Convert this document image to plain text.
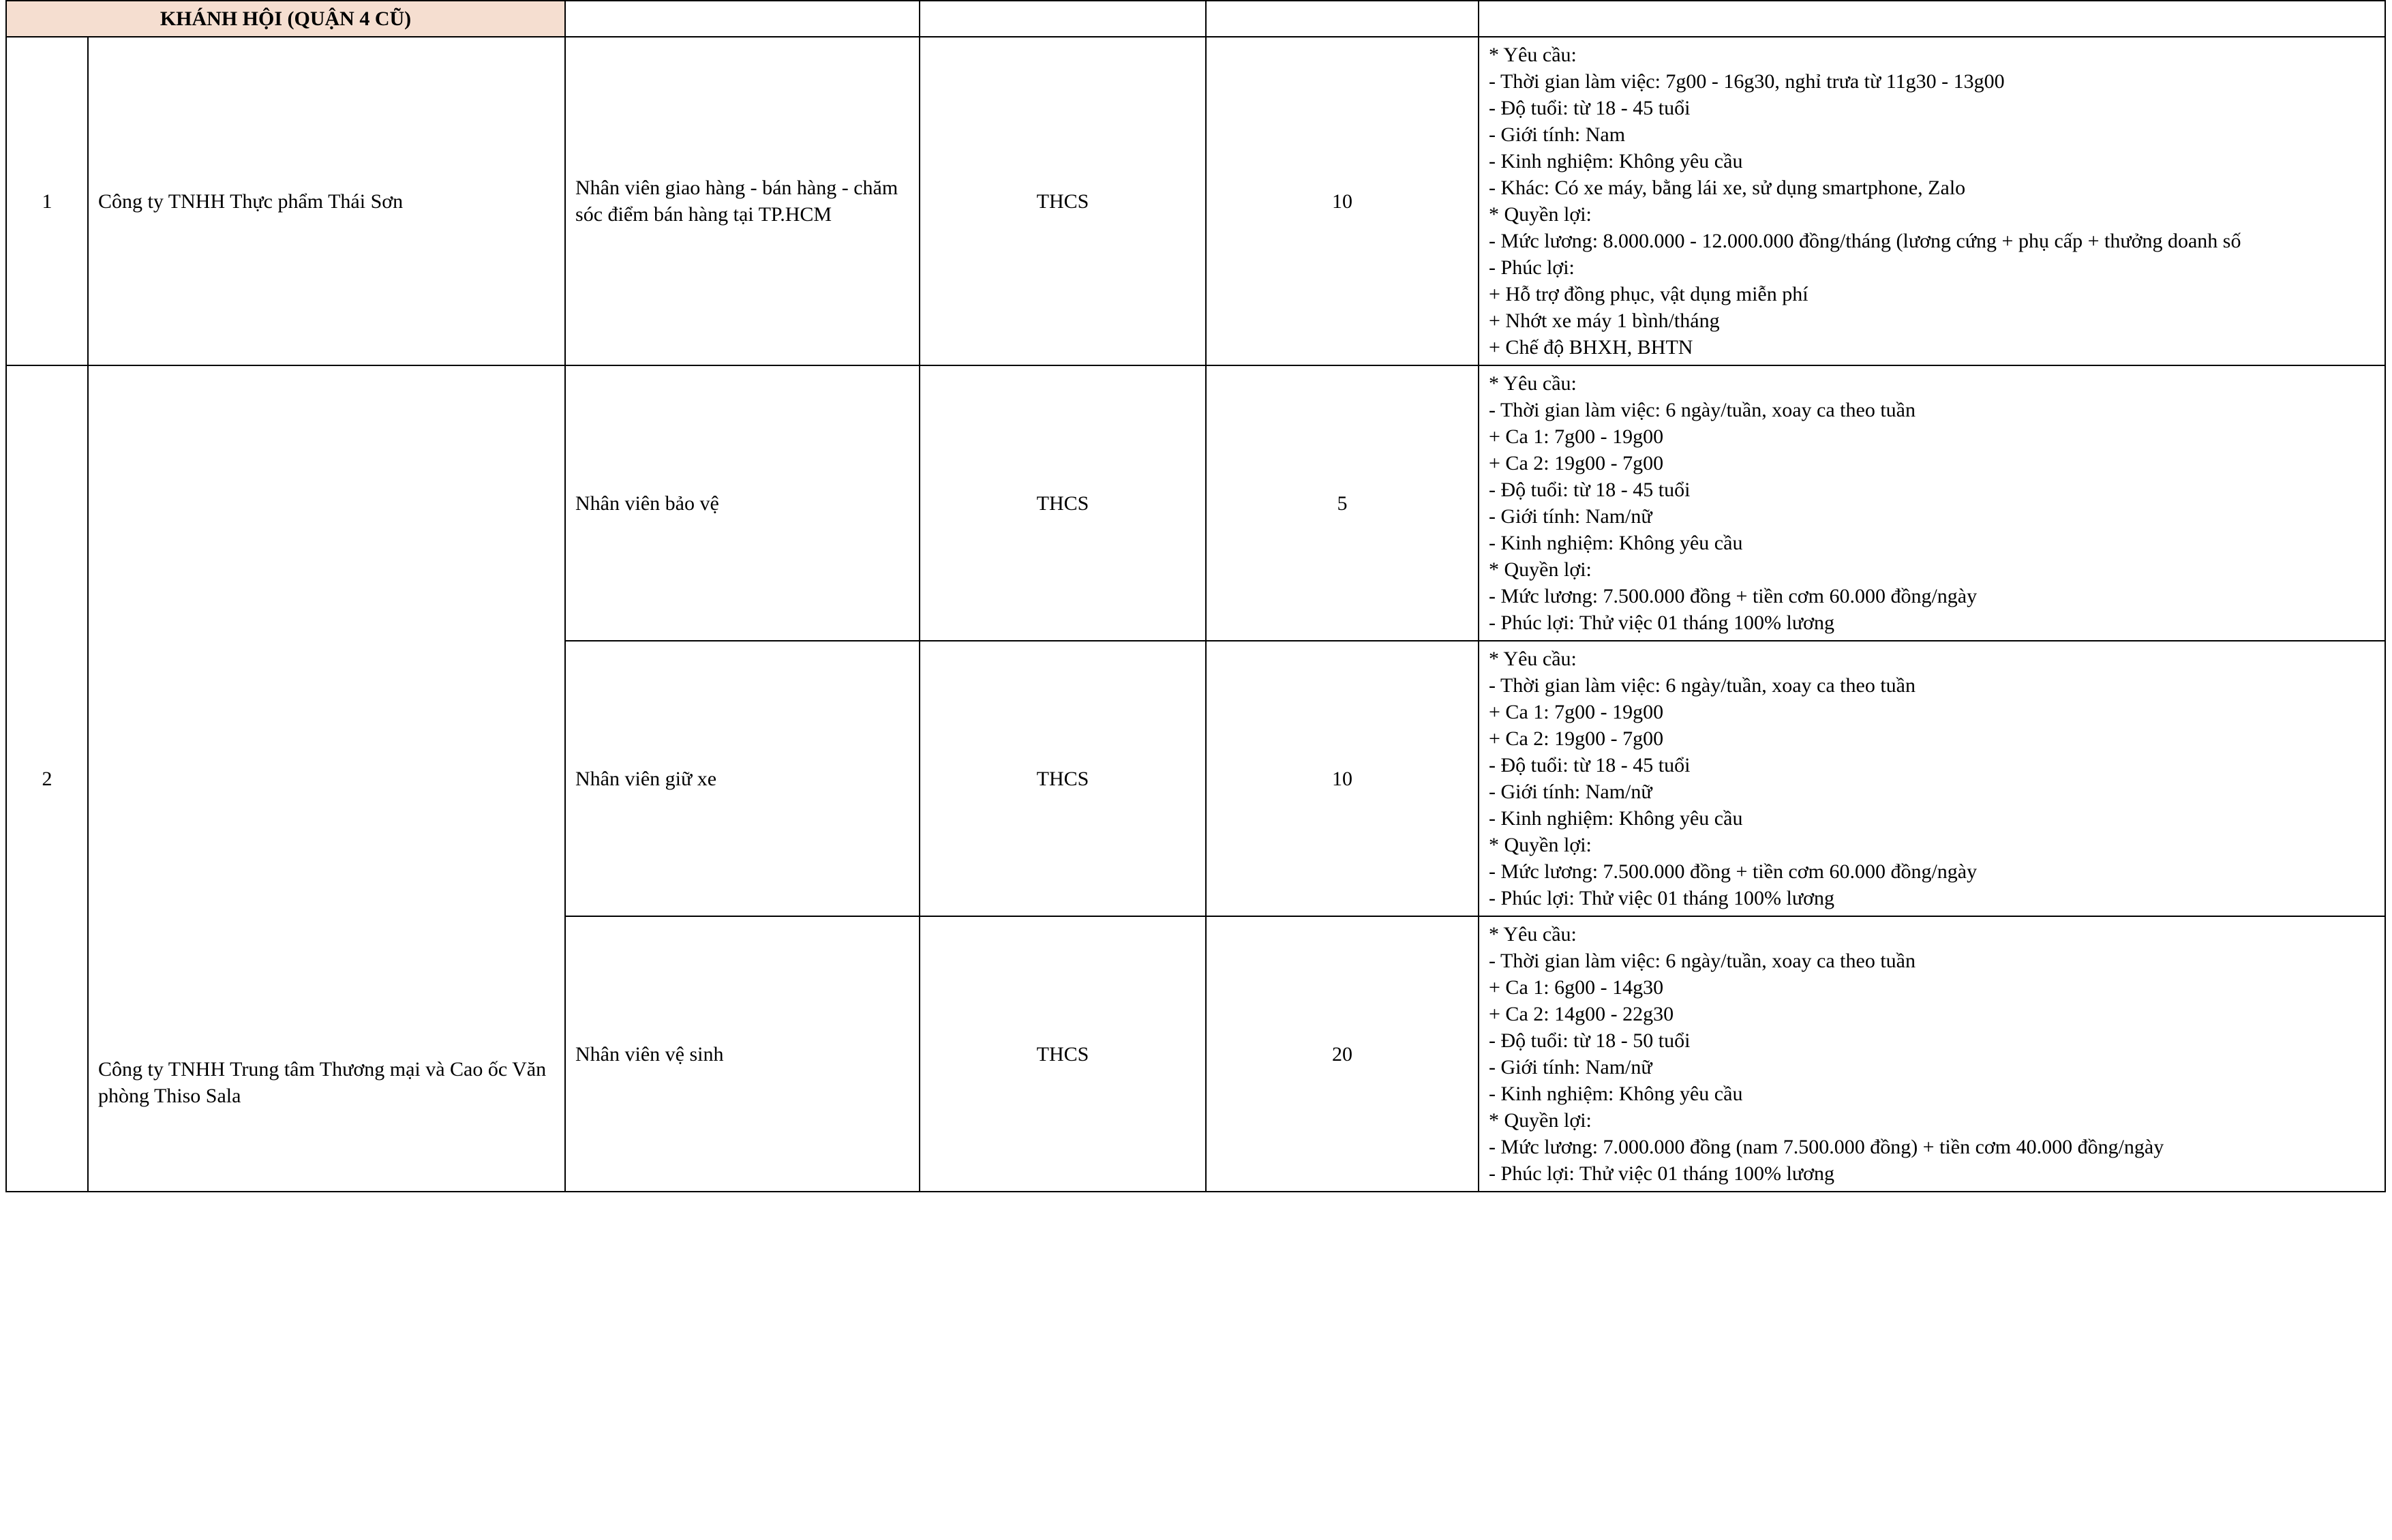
KHÁNH HỘI (QUẬN 4 CŨ)					
1	Công ty TNHH Thực phẩm Thái Sơn	Nhân viên giao hàng - bán hàng - chăm sóc điểm bán hàng tại TP.HCM	THCS	10	
* Yêu cầu:
- Thời gian làm việc: 7g00 - 16g30, nghỉ trưa từ 11g30 - 13g00
- Độ tuổi: từ 18 - 45 tuổi
- Giới tính: Nam
- Kinh nghiệm: Không yêu cầu
- Khác: Có xe máy, bằng lái xe, sử dụng smartphone, Zalo
* Quyền lợi:
- Mức lương: 8.000.000 - 12.000.000 đồng/tháng (lương cứng + phụ cấp + thưởng doanh số
- Phúc lợi:
+ Hỗ trợ đồng phục, vật dụng miễn phí
+ Nhớt xe máy 1 bình/tháng
+ Chế độ BHXH, BHTN

2	Công ty TNHH Trung tâm Thương mại và Cao ốc Văn phòng Thiso Sala	Nhân viên bảo vệ	THCS	5	
* Yêu cầu:
- Thời gian làm việc: 6 ngày/tuần, xoay ca theo tuần
+ Ca 1: 7g00 - 19g00
+ Ca 2: 19g00 - 7g00
- Độ tuổi: từ 18 - 45 tuổi
- Giới tính: Nam/nữ
- Kinh nghiệm: Không yêu cầu
* Quyền lợi:
- Mức lương: 7.500.000 đồng + tiền cơm 60.000 đồng/ngày
- Phúc lợi: Thử việc 01 tháng 100% lương

Nhân viên giữ xe	THCS	10	
* Yêu cầu:
- Thời gian làm việc: 6 ngày/tuần, xoay ca theo tuần
+ Ca 1: 7g00 - 19g00
+ Ca 2: 19g00 - 7g00
- Độ tuổi: từ 18 - 45 tuổi
- Giới tính: Nam/nữ
- Kinh nghiệm: Không yêu cầu
* Quyền lợi:
- Mức lương: 7.500.000 đồng + tiền cơm 60.000 đồng/ngày
- Phúc lợi: Thử việc 01 tháng 100% lương

Nhân viên vệ sinh	THCS	20	
* Yêu cầu:
- Thời gian làm việc: 6 ngày/tuần, xoay ca theo tuần
+ Ca 1: 6g00 - 14g30
+ Ca 2: 14g00 - 22g30
- Độ tuổi: từ 18 - 50 tuổi
- Giới tính: Nam/nữ
- Kinh nghiệm: Không yêu cầu
* Quyền lợi:
- Mức lương: 7.000.000 đồng (nam 7.500.000 đồng) + tiền cơm 40.000 đồng/ngày
- Phúc lợi: Thử việc 01 tháng 100% lương
